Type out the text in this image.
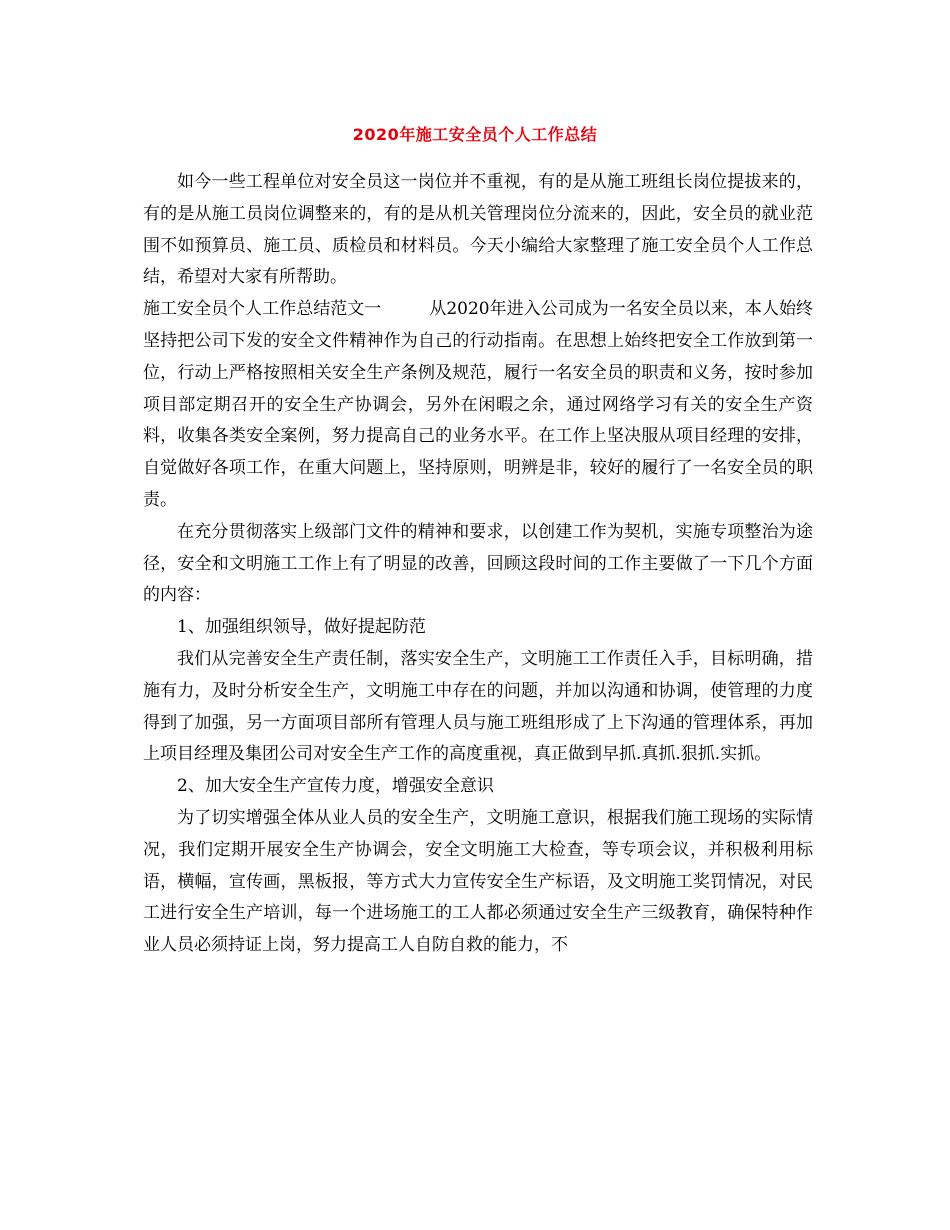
2020年施工安全员个人工作总结

如今一些工程单位对安全员这一岗位并不重视，有的是从施工班组长岗位提拔来的，有的是从施工员岗位调整来的，有的是从机关管理岗位分流来的，因此，安全员的就业范围不如预算员、施工员、质检员和材料员。今天小编给大家整理了施工安全员个人工作总结，希望对大家有所帮助。

施工安全员个人工作总结范文一	从2020年进入公司成为一名安全员以来，本人始终坚持把公司下发的安全文件精神作为自己的行动指南。在思想上始终把安全工作放到第一位，行动上严格按照相关安全生产条例及规范，履行一名安全员的职责和义务，按时参加项目部定期召开的安全生产协调会，另外在闲暇之余，通过网络学习有关的安全生产资料，收集各类安全案例，努力提高自己的业务水平。在工作上坚决服从项目经理的安排，自觉做好各项工作，在重大问题上，坚持原则，明辨是非，较好的履行了一名安全员的职责。

在充分贯彻落实上级部门文件的精神和要求，以创建工作为契机，实施专项整治为途径，安全和文明施工工作上有了明显的改善，回顾这段时间的工作主要做了一下几个方面的内容：

1、加强组织领导，做好提起防范

我们从完善安全生产责任制，落实安全生产，文明施工工作责任入手，目标明确，措施有力，及时分析安全生产，文明施工中存在的问题，并加以沟通和协调，使管理的力度得到了加强，另一方面项目部所有管理人员与施工班组形成了上下沟通的管理体系，再加上项目经理及集团公司对安全生产工作的高度重视，真正做到早抓.真抓.狠抓.实抓。

2、加大安全生产宣传力度，增强安全意识

为了切实增强全体从业人员的安全生产，文明施工意识，根据我们施工现场的实际情况，我们定期开展安全生产协调会，安全文明施工大检查，等专项会议，并积极利用标语，横幅，宣传画，黑板报，等方式大力宣传安全生产标语，及文明施工奖罚情况，对民工进行安全生产培训，每一个进场施工的工人都必须通过安全生产三级教育，确保特种作业人员必须持证上岗，努力提高工人自防自救的能力，不
